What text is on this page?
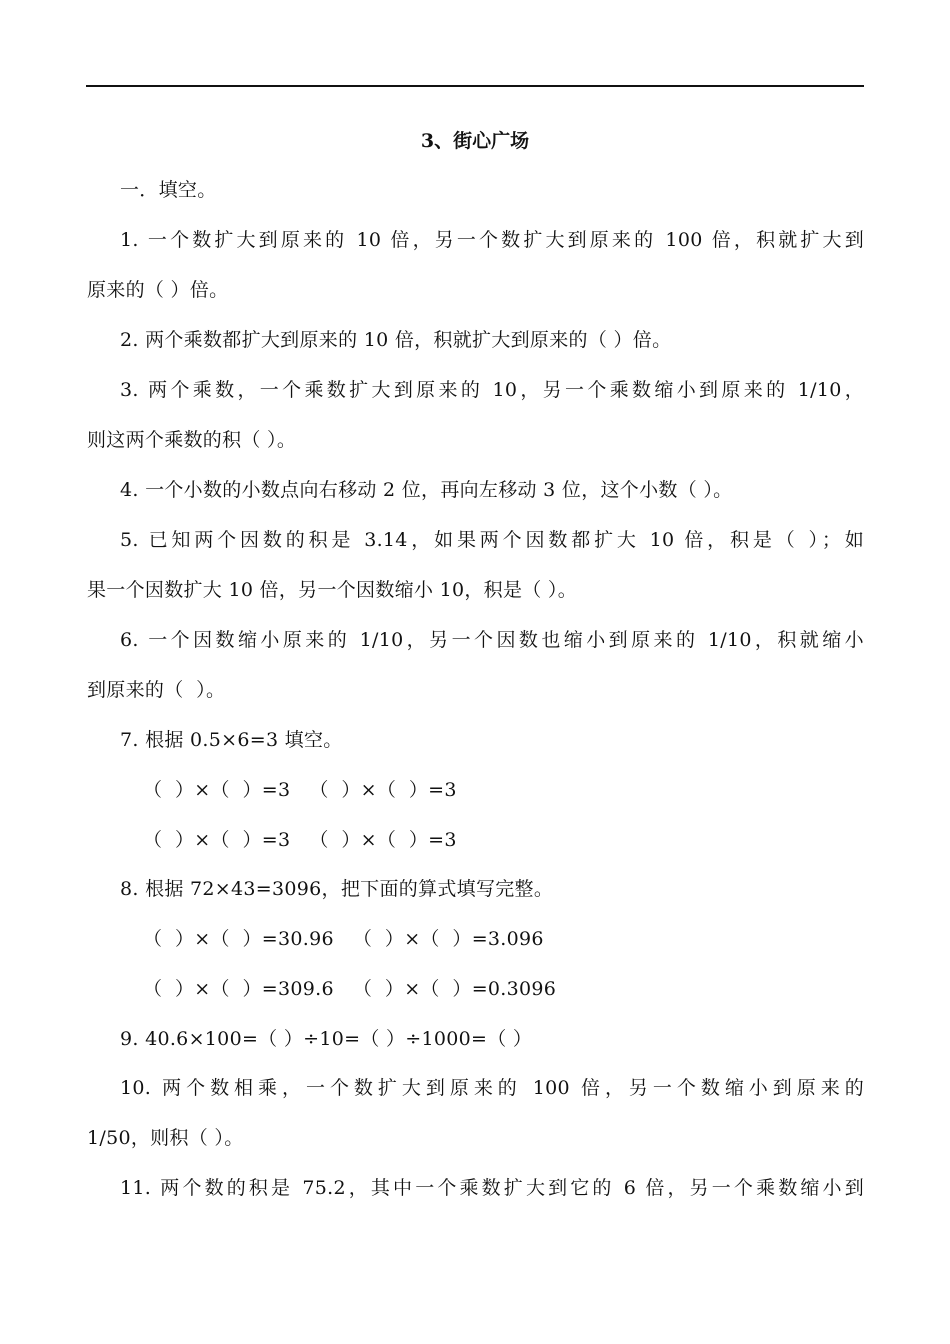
3、街心广场
一．填空。
1. 一个数扩大到原来的 10 倍，另一个数扩大到原来的 100 倍，积就扩大到
原来的（ ）倍。
2. 两个乘数都扩大到原来的 10 倍，积就扩大到原来的（ ）倍。
3. 两个乘数，一个乘数扩大到原来的 10，另一个乘数缩小到原来的 1/10，
则这两个乘数的积（ ）。
4. 一个小数的小数点向右移动 2 位，再向左移动 3 位，这个小数（ ）。
5. 已知两个因数的积是 3.14，如果两个因数都扩大 10 倍，积是（ ）；如
果一个因数扩大 10 倍，另一个因数缩小 10，积是（ ）。
6. 一个因数缩小原来的 1/10，另一个因数也缩小到原来的 1/10，积就缩小
到原来的（  ）。
7. 根据 0.5×6=3 填空。
（  ）×（  ）=3   （  ）×（  ）=3
（  ）×（  ）=3   （  ）×（  ）=3
8. 根据 72×43=3096，把下面的算式填写完整。
（  ）×（  ）=30.96   （  ）×（  ）=3.096
（  ）×（  ）=309.6   （  ）×（  ）=0.3096
9. 40.6×100=（ ）÷10=（ ）÷1000=（ ）
10. 两个数相乘，一个数扩大到原来的 100 倍，另一个数缩小到原来的
1/50，则积（ ）。
11. 两个数的积是 75.2，其中一个乘数扩大到它的 6 倍，另一个乘数缩小到
